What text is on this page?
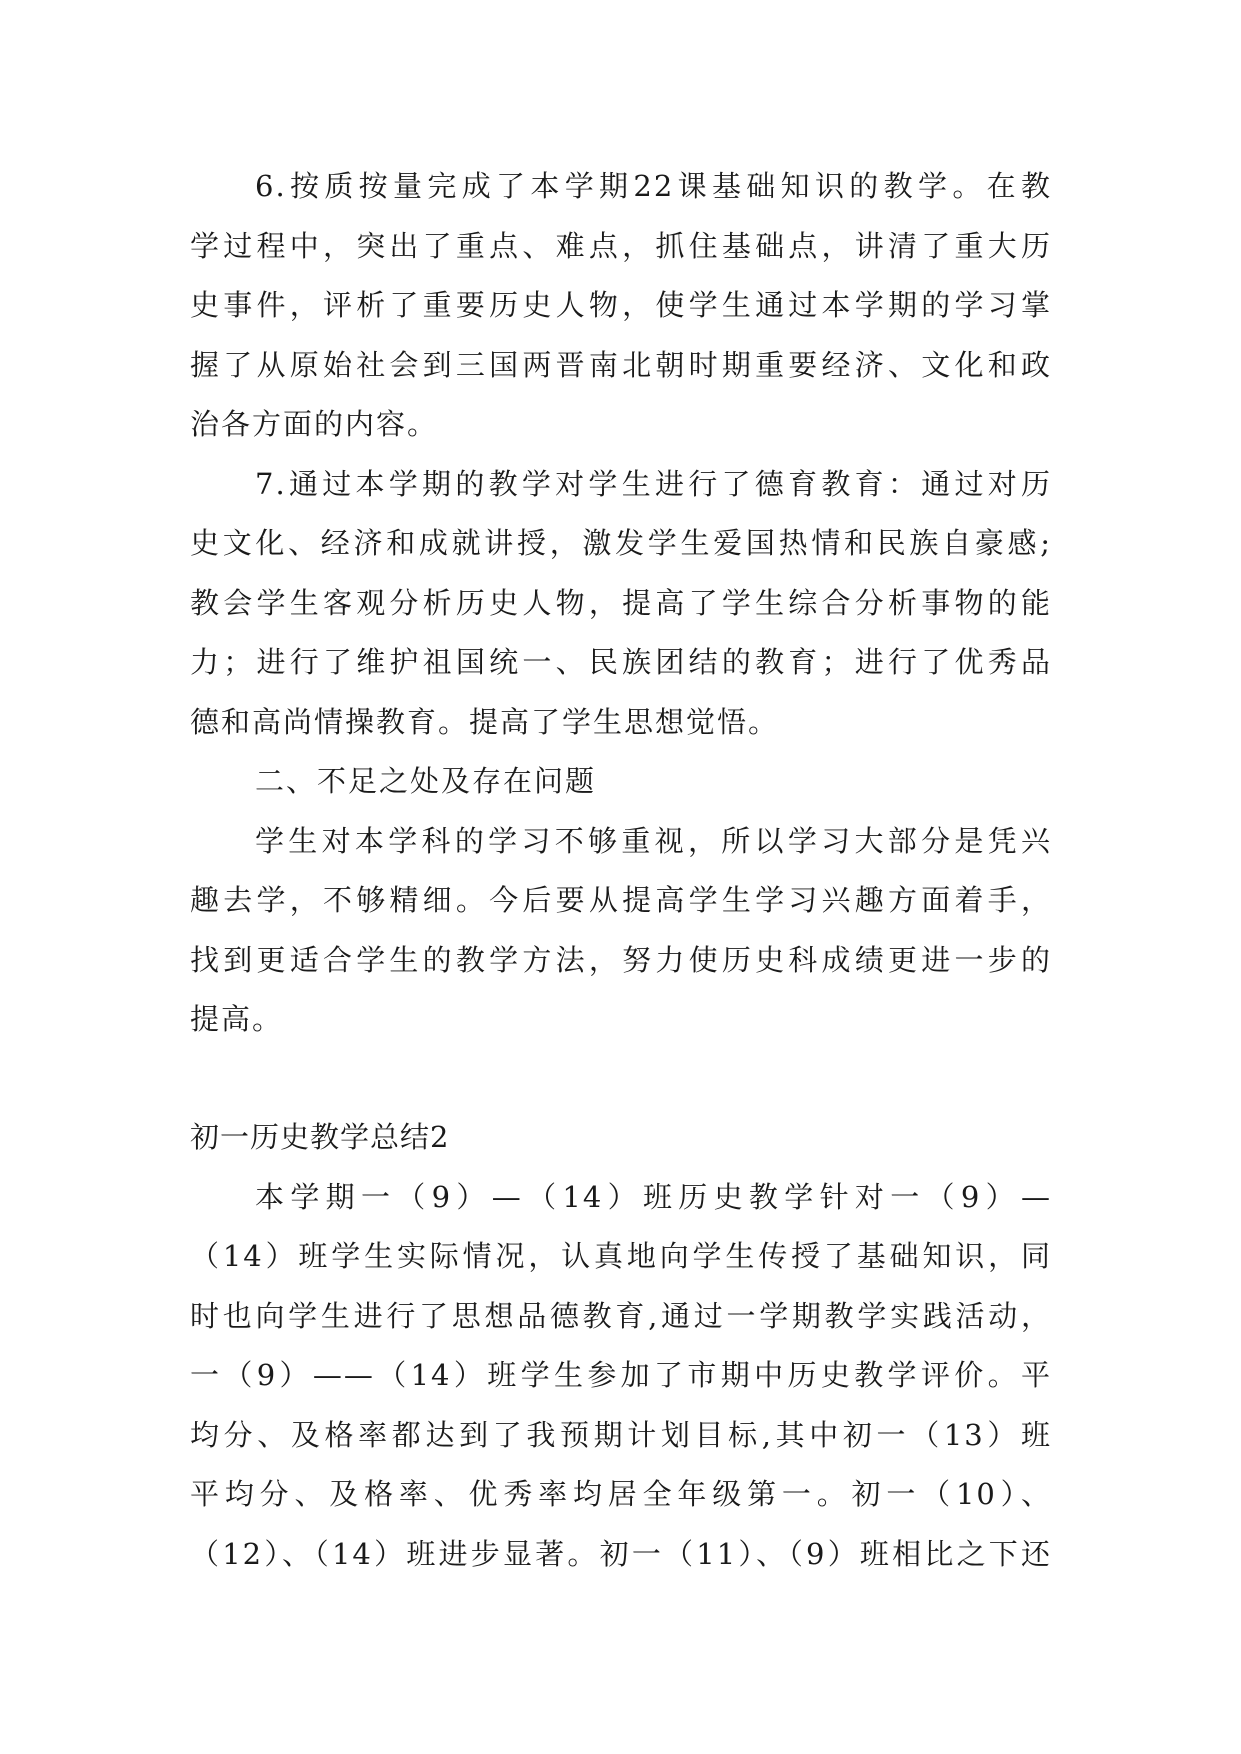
6.按质按量完成了本学期22课基础知识的教学。在教
学过程中，突出了重点、难点，抓住基础点，讲清了重大历
史事件，评析了重要历史人物，使学生通过本学期的学习掌
握了从原始社会到三国两晋南北朝时期重要经济、文化和政
治各方面的内容。
7.通过本学期的教学对学生进行了德育教育：通过对历
史文化、经济和成就讲授，激发学生爱国热情和民族自豪感;
教会学生客观分析历史人物，提高了学生综合分析事物的能
力；进行了维护祖国统一、民族团结的教育；进行了优秀品
德和高尚情操教育。提高了学生思想觉悟。
二、不足之处及存在问题
学生对本学科的学习不够重视，所以学习大部分是凭兴
趣去学，不够精细。今后要从提高学生学习兴趣方面着手，
找到更适合学生的教学方法，努力使历史科成绩更进一步的
提高。
初一历史教学总结2
本学期一（9）—（14）班历史教学针对一（9）—
（14）班学生实际情况，认真地向学生传授了基础知识，同
时也向学生进行了思想品德教育,通过一学期教学实践活动，
一（9）——（14）班学生参加了市期中历史教学评价。平
均分、及格率都达到了我预期计划目标,其中初一（13）班
平均分、及格率、优秀率均居全年级第一。初一（10）、
（12）、（14）班进步显著。初一（11）、（9）班相比之下还
